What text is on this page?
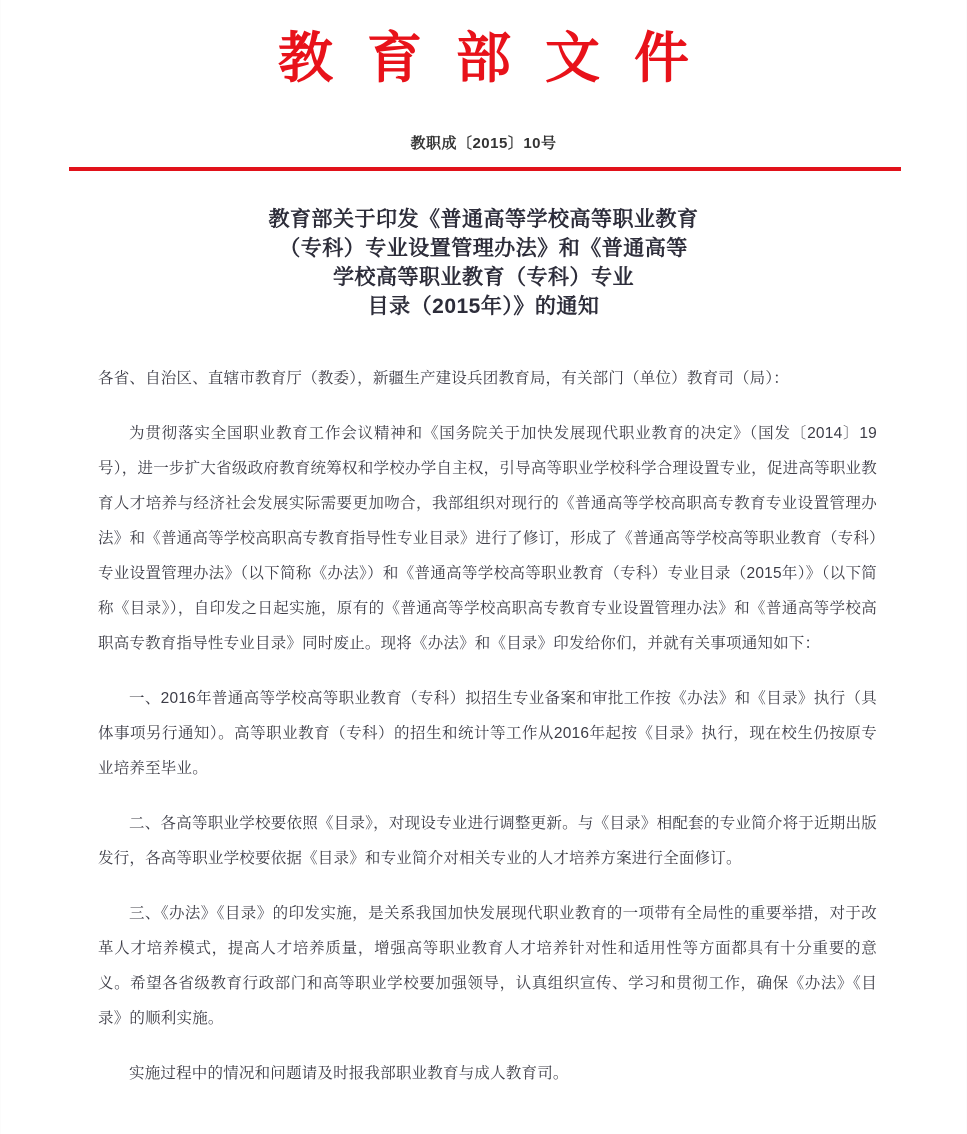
教育部文件
教职成〔2015〕10号
教育部关于印发《普通高等学校高等职业教育
（专科）专业设置管理办法》和《普通高等
学校高等职业教育（专科）专业
目录（2015年）》的通知

各省、自治区、直辖市教育厅（教委），新疆生产建设兵团教育局，有关部门（单位）教育司（局）：

为贯彻落实全国职业教育工作会议精神和《国务院关于加快发展现代职业教育的决定》（国发〔2014〕19号），进一步扩大省级政府教育统筹权和学校办学自主权，引导高等职业学校科学合理设置专业，促进高等职业教育人才培养与经济社会发展实际需要更加吻合，我部组织对现行的《普通高等学校高职高专教育专业设置管理办法》和《普通高等学校高职高专教育指导性专业目录》进行了修订，形成了《普通高等学校高等职业教育（专科）专业设置管理办法》（以下简称《办法》）和《普通高等学校高等职业教育（专科）专业目录（2015年）》（以下简称《目录》），自印发之日起实施，原有的《普通高等学校高职高专教育专业设置管理办法》和《普通高等学校高职高专教育指导性专业目录》同时废止。现将《办法》和《目录》印发给你们，并就有关事项通知如下：

一、2016年普通高等学校高等职业教育（专科）拟招生专业备案和审批工作按《办法》和《目录》执行（具体事项另行通知）。高等职业教育（专科）的招生和统计等工作从2016年起按《目录》执行，现在校生仍按原专业培养至毕业。

二、各高等职业学校要依照《目录》，对现设专业进行调整更新。与《目录》相配套的专业简介将于近期出版发行，各高等职业学校要依据《目录》和专业简介对相关专业的人才培养方案进行全面修订。

三、《办法》《目录》的印发实施，是关系我国加快发展现代职业教育的一项带有全局性的重要举措，对于改革人才培养模式，提高人才培养质量，增强高等职业教育人才培养针对性和适用性等方面都具有十分重要的意义。希望各省级教育行政部门和高等职业学校要加强领导，认真组织宣传、学习和贯彻工作，确保《办法》《目录》的顺利实施。

实施过程中的情况和问题请及时报我部职业教育与成人教育司。
